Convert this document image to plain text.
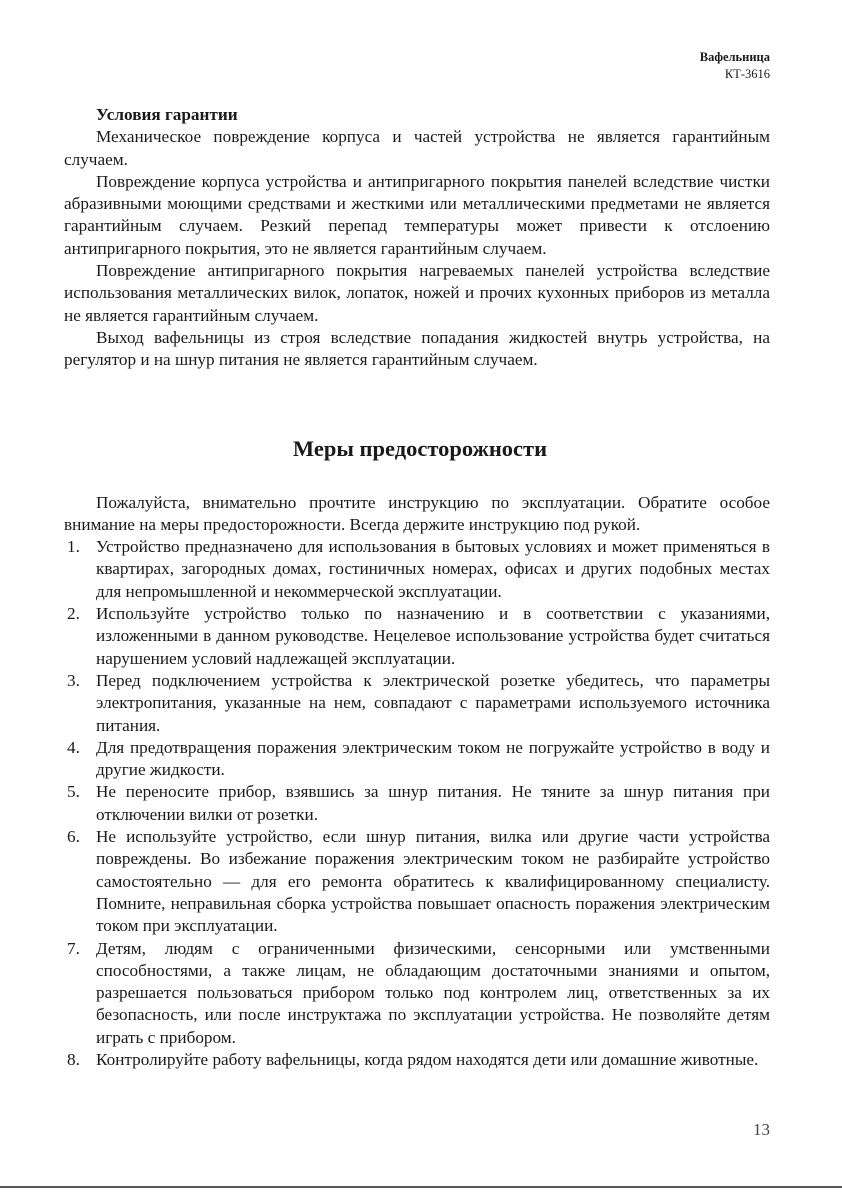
Вафельница
КТ-3616

Условия гарантии

Механическое повреждение корпуса и частей устройства не является гарантийным случаем.

Повреждение корпуса устройства и антипригарного покрытия панелей вследствие чистки абразивными моющими средствами и жесткими или металлическими предметами не является гарантийным случаем. Резкий перепад температуры может привести к отслоению антипригарного покрытия, это не является гарантийным случаем.

Повреждение антипригарного покрытия нагреваемых панелей устройства вследствие использования металлических вилок, лопаток, ножей и прочих кухонных приборов из металла не является гарантийным случаем.

Выход вафельницы из строя вследствие попадания жидкостей внутрь устройства, на регулятор и на шнур питания не является гарантийным случаем.

Меры предосторожности

Пожалуйста, внимательно прочтите инструкцию по эксплуатации. Обратите особое внимание на меры предосторожности. Всегда держите инструкцию под рукой.

1. Устройство предназначено для использования в бытовых условиях и может применяться в квартирах, загородных домах, гостиничных номерах, офисах и других подобных местах для непромышленной и некоммерческой эксплуатации.
2. Используйте устройство только по назначению и в соответствии с указаниями, изложенными в данном руководстве. Нецелевое использование устройства будет считаться нарушением условий надлежащей эксплуатации.
3. Перед подключением устройства к электрической розетке убедитесь, что параметры электропитания, указанные на нем, совпадают с параметрами используемого источника питания.
4. Для предотвращения поражения электрическим током не погружайте устройство в воду и другие жидкости.
5. Не переносите прибор, взявшись за шнур питания. Не тяните за шнур питания при отключении вилки от розетки.
6. Не используйте устройство, если шнур питания, вилка или другие части устройства повреждены. Во избежание поражения электрическим током не разбирайте устройство самостоятельно — для его ремонта обратитесь к квалифицированному специалисту. Помните, неправильная сборка устройства повышает опасность поражения электрическим током при эксплуатации.
7. Детям, людям с ограниченными физическими, сенсорными или умственными способностями, а также лицам, не обладающим достаточными знаниями и опытом, разрешается пользоваться прибором только под контролем лиц, ответственных за их безопасность, или после инструктажа по эксплуатации устройства. Не позволяйте детям играть с прибором.
8. Контролируйте работу вафельницы, когда рядом находятся дети или домашние животные.
13
